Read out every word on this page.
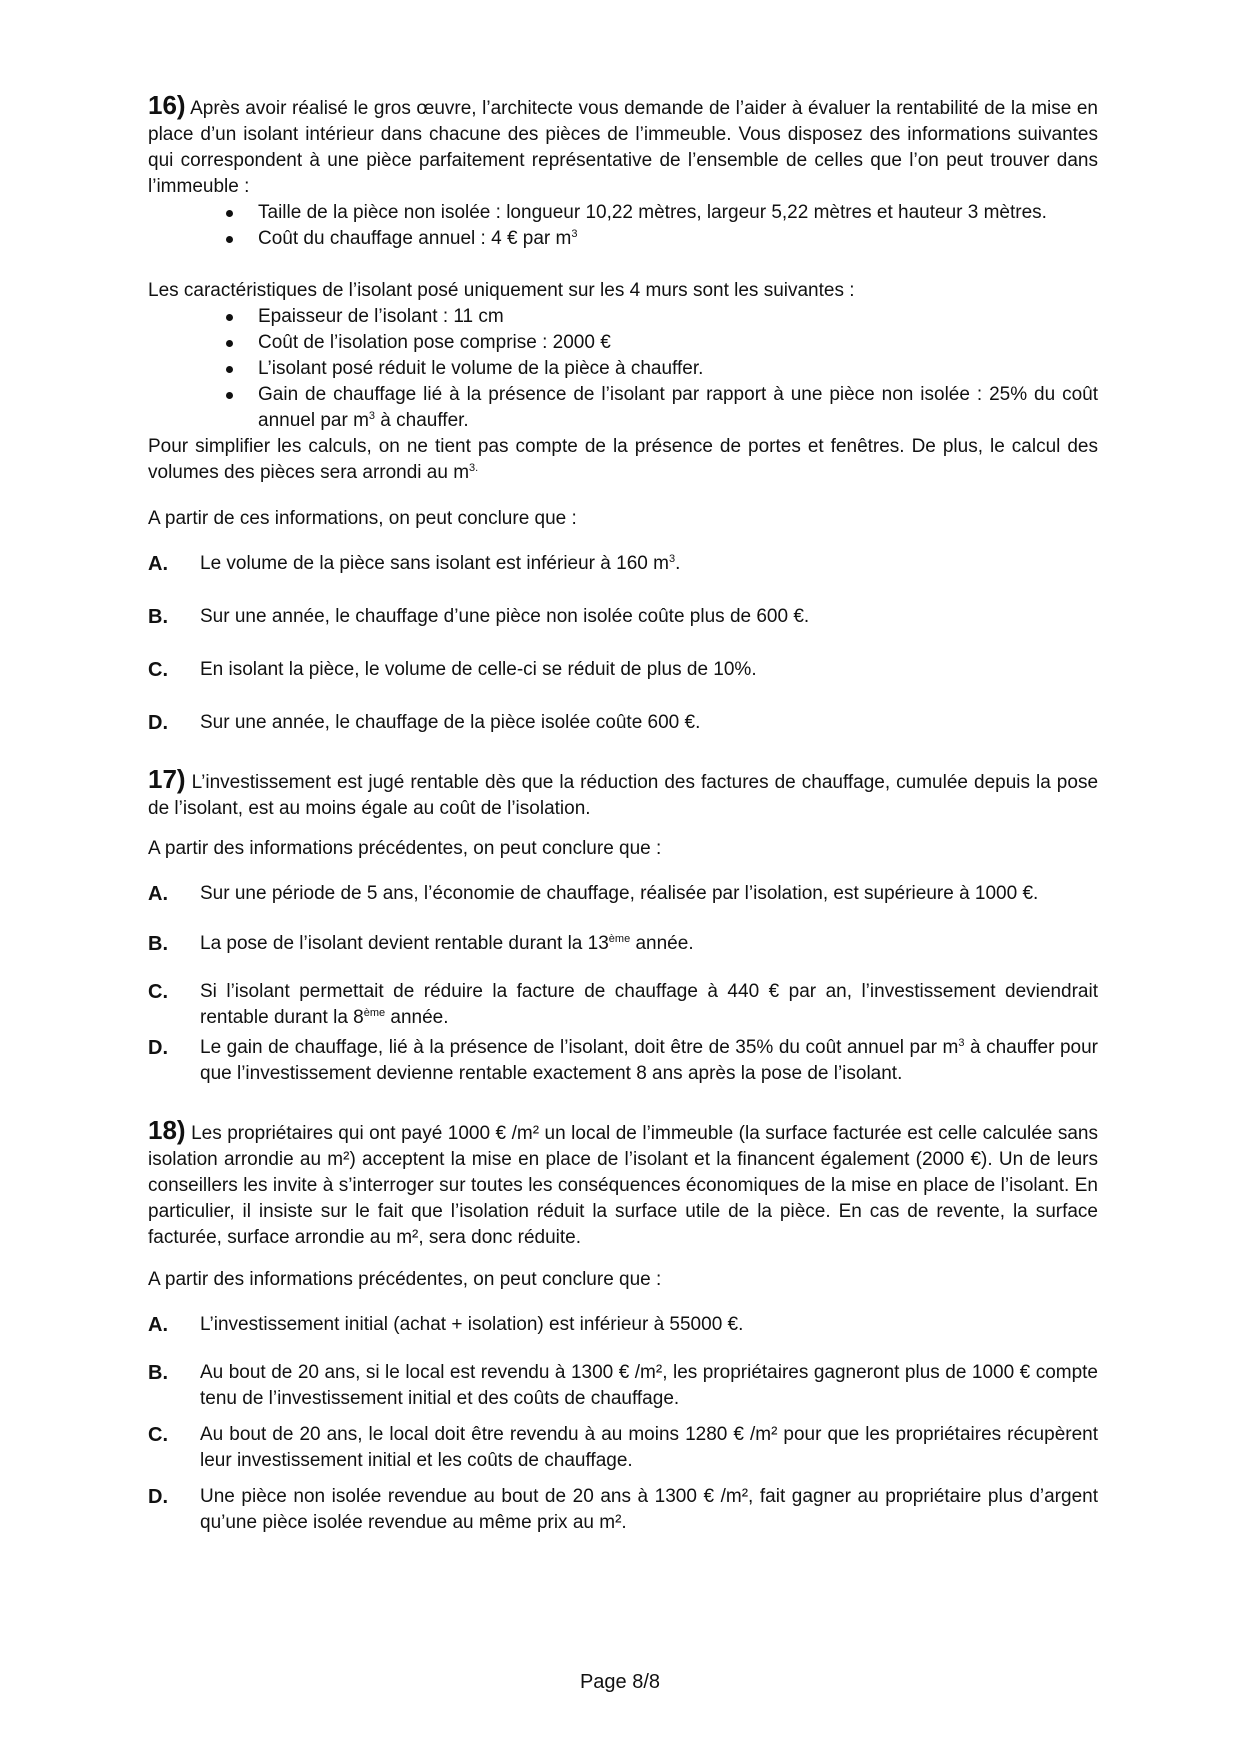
16) Après avoir réalisé le gros œuvre, l’architecte vous demande de l’aider à évaluer la rentabilité de la mise en place d’un isolant intérieur dans chacune des pièces de l’immeuble. Vous disposez des informations suivantes qui correspondent à une pièce parfaitement représentative de l’ensemble de celles que l’on peut trouver dans l’immeuble :

Taille de la pièce non isolée : longueur 10,22 mètres, largeur 5,22 mètres et hauteur 3 mètres.
Coût du chauffage annuel : 4 € par $m^3$

Les caractéristiques de l’isolant posé uniquement sur les 4 murs sont les suivantes :

Epaisseur de l’isolant : 11 cm
Coût de l’isolation pose comprise : 2000 €
L’isolant posé réduit le volume de la pièce à chauffer.
Gain de chauffage lié à la présence de l’isolant par rapport à une pièce non isolée : 25% du coût annuel par $m^3$ à chauffer.

Pour simplifier les calculs, on ne tient pas compte de la présence de portes et fenêtres. De plus, le calcul des volumes des pièces sera arrondi au $m^{3.}$

A partir de ces informations, on peut conclure que :

A.	Le volume de la pièce sans isolant est inférieur à 160 $m^3$.
B.	Sur une année, le chauffage d’une pièce non isolée coûte plus de 600 €.
C.	En isolant la pièce, le volume de celle-ci se réduit de plus de 10%.
D.	Sur une année, le chauffage de la pièce isolée coûte 600 €.

17) L’investissement est jugé rentable dès que la réduction des factures de chauffage, cumulée depuis la pose de l’isolant, est au moins égale au coût de l’isolation.

A partir des informations précédentes, on peut conclure que :

A.	Sur une période de 5 ans, l’économie de chauffage, réalisée par l’isolation, est supérieure à 1000 €.
B.	La pose de l’isolant devient rentable durant la 13ème année.
C.	Si l’isolant permettait de réduire la facture de chauffage à 440 € par an, l’investissement deviendrait rentable durant la 8ème année.
D.	Le gain de chauffage, lié à la présence de l’isolant, doit être de 35% du coût annuel par $m^3$ à chauffer pour que l’investissement devienne rentable exactement 8 ans après la pose de l’isolant.

18) Les propriétaires qui ont payé 1000 € /m² un local de l’immeuble (la surface facturée est celle calculée sans isolation arrondie au m²) acceptent la mise en place de l’isolant et la financent également (2000 €). Un de leurs conseillers les invite à s’interroger sur toutes les conséquences économiques de la mise en place de l’isolant. En particulier, il insiste sur le fait que l’isolation réduit la surface utile de la pièce. En cas de revente, la surface facturée, surface arrondie au m², sera donc réduite.

A partir des informations précédentes, on peut conclure que :

A.	L’investissement initial (achat + isolation) est inférieur à 55000 €.
B.	Au bout de 20 ans, si le local est revendu à 1300 € /m², les propriétaires gagneront plus de 1000 € compte tenu de l’investissement initial et des coûts de chauffage.
C.	Au bout de 20 ans, le local doit être revendu à au moins 1280 € /m² pour que les propriétaires récupèrent leur investissement initial et les coûts de chauffage.
D.	Une pièce non isolée revendue au bout de 20 ans à 1300 € /m², fait gagner au propriétaire plus d’argent qu’une pièce isolée revendue au même prix au m².
Page 8/8
